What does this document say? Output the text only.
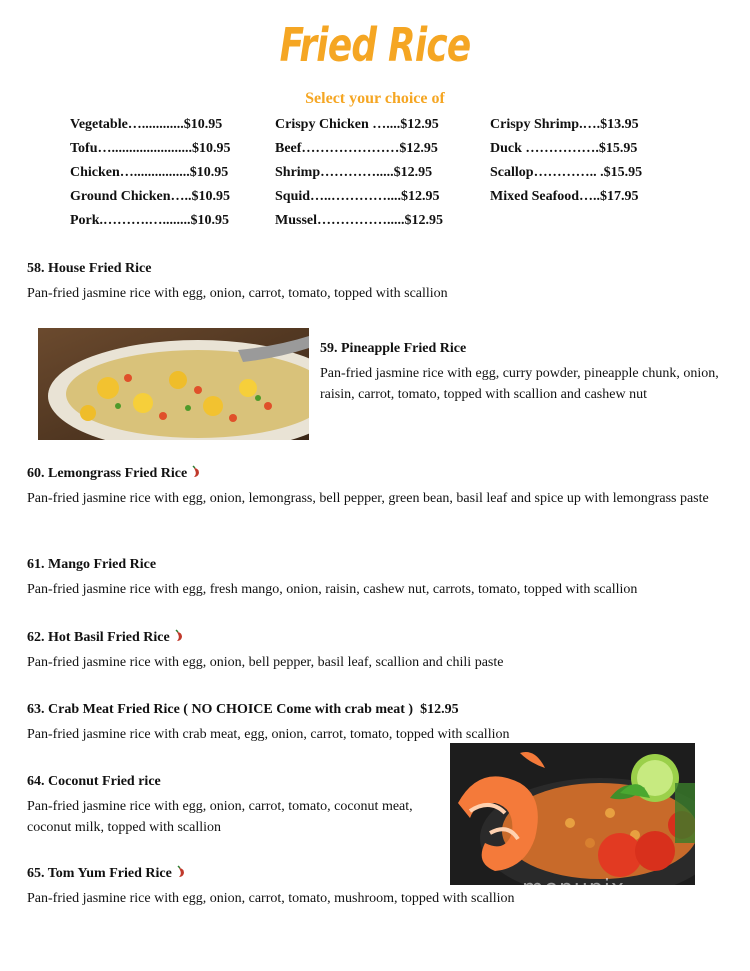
Fried Rice
Select your choice of
Vegetable…............$10.95
Tofu….......................$10.95
Chicken…................$10.95
Ground Chicken…..$10.95
Pork.……….…........$10.95
Crispy Chicken …....$12.95
Beef…………………$12.95
Shrimp………….....$12.95
Squid…..…………....$12.95
Mussel…………….....$12.95
Crispy Shrimp.….$13.95
Duck …………….$15.95
Scallop………….. .$15.95
Mixed Seafood…..$17.95
58. House Fried Rice
Pan-fried jasmine rice with egg, onion, carrot, tomato, topped with scallion
59. Pineapple Fried Rice
Pan-fried jasmine rice with egg, curry powder, pineapple chunk, onion, raisin, carrot, tomato, topped with scallion and cashew nut
60. Lemongrass Fried Rice
Pan-fried jasmine rice with egg, onion, lemongrass, bell pepper, green bean, basil leaf and spice up with lemongrass paste
61. Mango Fried Rice
Pan-fried jasmine rice with egg, fresh mango, onion, raisin, cashew nut, carrots, tomato, topped with scallion
62. Hot Basil Fried Rice
Pan-fried jasmine rice with egg, onion, bell pepper, basil leaf, scallion and chili paste
63. Crab Meat Fried Rice ( NO CHOICE Come with crab meat )  $12.95
Pan-fried jasmine rice with crab meat, egg, onion, carrot, tomato, topped with scallion
64. Coconut Fried rice
Pan-fried jasmine rice with egg, onion, carrot, tomato, coconut meat, coconut milk, topped with scallion
65. Tom Yum Fried Rice
Pan-fried jasmine rice with egg, onion, carrot, tomato, mushroom, topped with scallion menupix
